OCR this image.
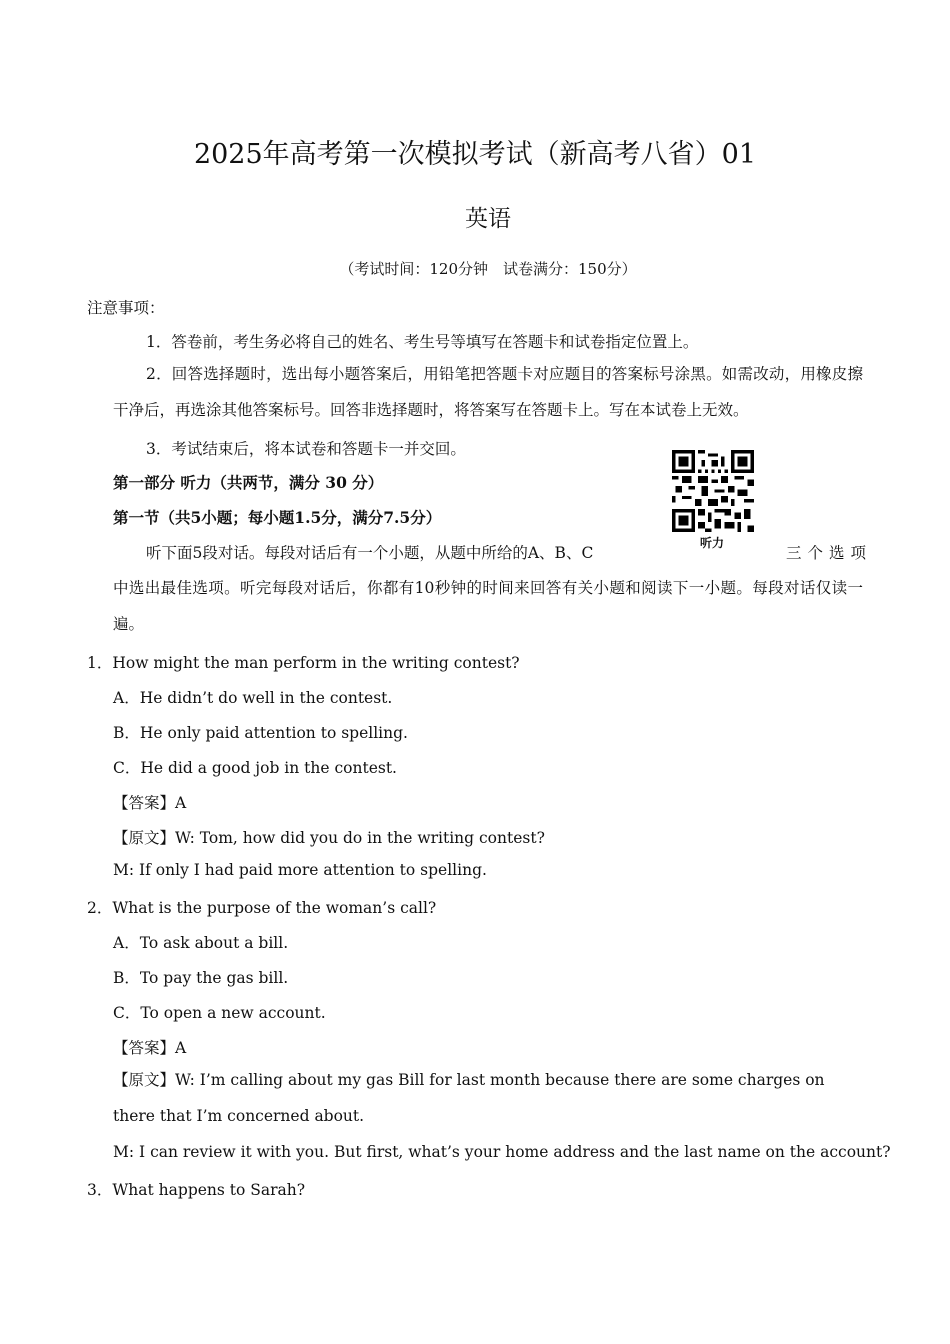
2025年高考第一次模拟考试（新高考八省）01
英语
（考试时间：120分钟　试卷满分：150分）
注意事项：
1．答卷前，考生务必将自己的姓名、考生号等填写在答题卡和试卷指定位置上。
2．回答选择题时，选出每小题答案后，用铅笔把答题卡对应题目的答案标号涂黑。如需改动，用橡皮擦干净后，再选涂其他答案标号。回答非选择题时，将答案写在答题卡上。写在本试卷上无效。
3．考试结束后，将本试卷和答题卡一并交回。
第一部分 听力（共两节，满分 30 分）
第一节（共5小题；每小题1.5分，满分7.5分）
听力
听下面5段对话。每段对话后有一个小题，从题中所给的A、B、C	三个选项
中选出最佳选项。听完每段对话后，你都有10秒钟的时间来回答有关小题和阅读下一小题。每段对话仅读一遍。
1．How might the man perform in the writing contest?
A．He didn’t do well in the contest.
B．He only paid attention to spelling.
C．He did a good job in the contest.
【答案】A
【原文】W: Tom, how did you do in the writing contest?
M: If only I had paid more attention to spelling.
2．What is the purpose of the woman’s call?
A．To ask about a bill.
B．To pay the gas bill.
C．To open a new account.
【答案】A
【原文】W: I’m calling about my gas Bill for last month because there are some charges on there that I’m concerned about.
M: I can review it with you. But first, what’s your home address and the last name on the account?
3．What happens to Sarah?
